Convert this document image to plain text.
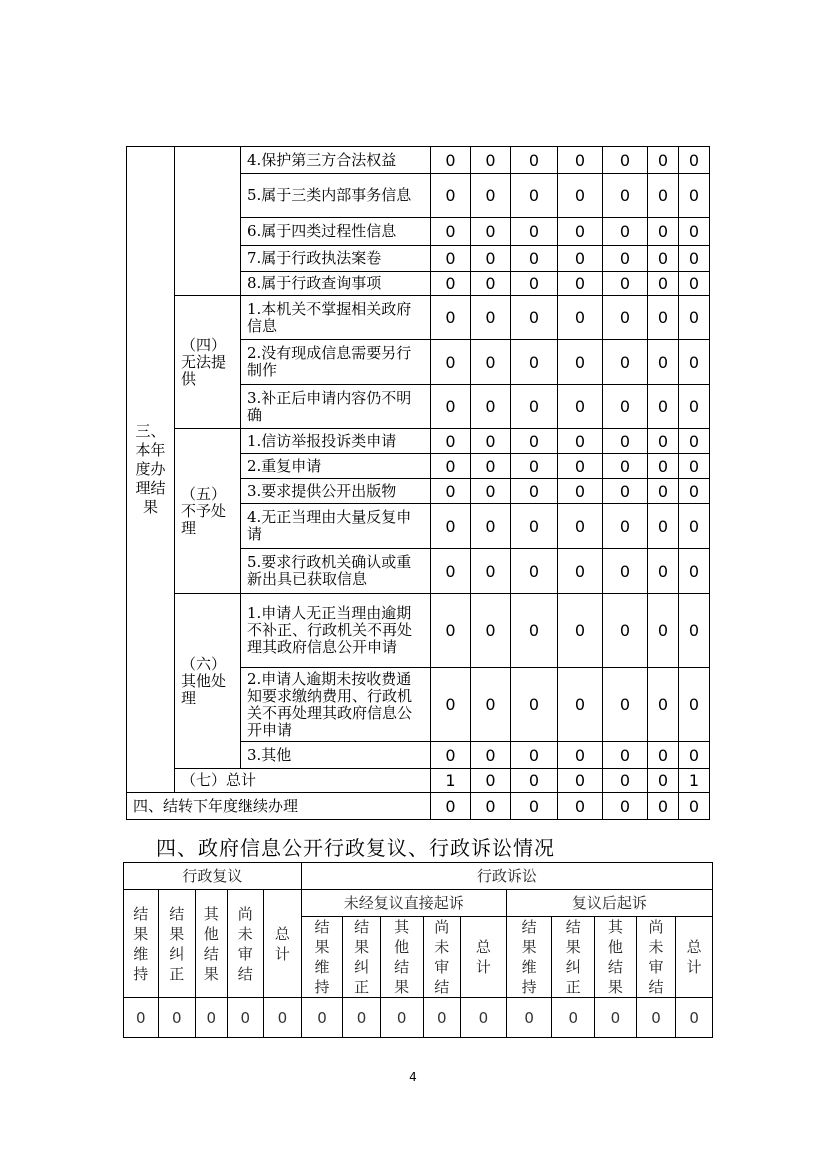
三、本年度办理结果		4.保护第三方合法权益	0	0	0	0	0	0	0
		5.属于三类内部事务信息	0	0	0	0	0	0	0
		6.属于四类过程性信息	0	0	0	0	0	0	0
		7.属于行政执法案卷	0	0	0	0	0	0	0
		8.属于行政查询事项	0	0	0	0	0	0	0
	（四）无法提供	1.本机关不掌握相关政府信息	0	0	0	0	0	0	0
		2.没有现成信息需要另行制作	0	0	0	0	0	0	0
		3.补正后申请内容仍不明确	0	0	0	0	0	0	0
	（五）不予处理	1.信访举报投诉类申请	0	0	0	0	0	0	0
		2.重复申请	0	0	0	0	0	0	0
		3.要求提供公开出版物	0	0	0	0	0	0	0
		4.无正当理由大量反复申请	0	0	0	0	0	0	0
		5.要求行政机关确认或重新出具已获取信息	0	0	0	0	0	0	0
	（六）其他处理	1.申请人无正当理由逾期不补正、行政机关不再处理其政府信息公开申请	0	0	0	0	0	0	0
		2.申请人逾期未按收费通知要求缴纳费用、行政机关不再处理其政府信息公开申请	0	0	0	0	0	0	0
		3.其他	0	0	0	0	0	0	0
	（七）总计		1	0	0	0	0	0	1
四、结转下年度继续办理			0	0	0	0	0	0	0
四、政府信息公开行政复议、行政诉讼情况
行政复议					行政诉讼									
结果维持	结果纠正	其他结果	尚未审结	总计	未经复议直接起诉					复议后起诉				
					结果维持	结果纠正	其他结果	尚未审结	总计	结果维持	结果纠正	其他结果	尚未审结	总计
0	0	0	0	0	0	0	0	0	0	0	0	0	0	0
4
